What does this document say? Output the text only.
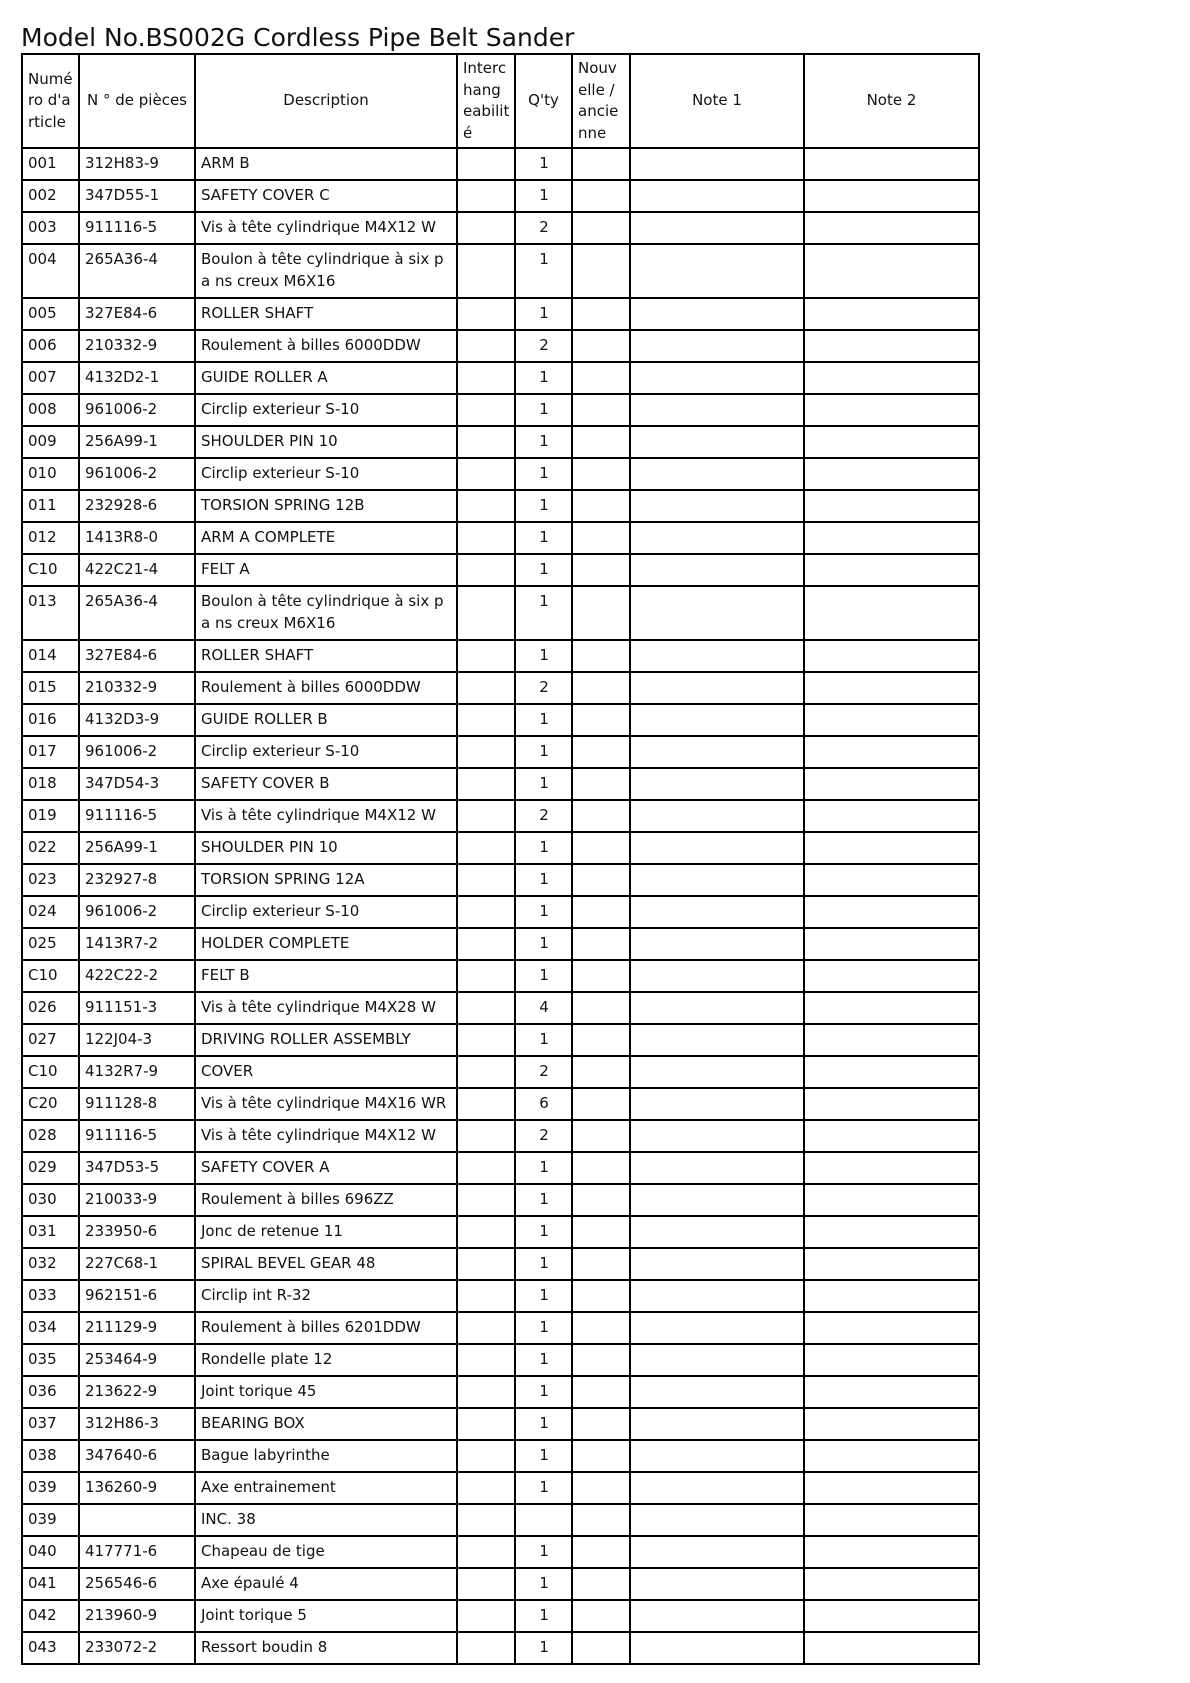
Model No.BS002G Cordless Pipe Belt Sander
Numé ro d'a rticle	N ° de pièces	Description	Interc hang eabilit é	Q'ty	Nouv elle / ancie nne	Note 1	Note 2
001	312H83-9	ARM B		1			
002	347D55-1	SAFETY COVER C		1			
003	911116-5	Vis à tête cylindrique M4X12 W		2			
004	265A36-4	Boulon à tête cylindrique à six pa ns creux M6X16		1			
005	327E84-6	ROLLER SHAFT		1			
006	210332-9	Roulement à billes 6000DDW		2			
007	4132D2-1	GUIDE ROLLER A		1			
008	961006-2	Circlip exterieur S-10		1			
009	256A99-1	SHOULDER PIN 10		1			
010	961006-2	Circlip exterieur S-10		1			
011	232928-6	TORSION SPRING 12B		1			
012	1413R8-0	ARM A COMPLETE		1			
C10	422C21-4	FELT A		1			
013	265A36-4	Boulon à tête cylindrique à six pa ns creux M6X16		1			
014	327E84-6	ROLLER SHAFT		1			
015	210332-9	Roulement à billes 6000DDW		2			
016	4132D3-9	GUIDE ROLLER B		1			
017	961006-2	Circlip exterieur S-10		1			
018	347D54-3	SAFETY COVER B		1			
019	911116-5	Vis à tête cylindrique M4X12 W		2			
022	256A99-1	SHOULDER PIN 10		1			
023	232927-8	TORSION SPRING 12A		1			
024	961006-2	Circlip exterieur S-10		1			
025	1413R7-2	HOLDER COMPLETE		1			
C10	422C22-2	FELT B		1			
026	911151-3	Vis à tête cylindrique M4X28 W		4			
027	122J04-3	DRIVING ROLLER ASSEMBLY		1			
C10	4132R7-9	COVER		2			
C20	911128-8	Vis à tête cylindrique M4X16 WR		6			
028	911116-5	Vis à tête cylindrique M4X12 W		2			
029	347D53-5	SAFETY COVER A		1			
030	210033-9	Roulement à billes 696ZZ		1			
031	233950-6	Jonc de retenue 11		1			
032	227C68-1	SPIRAL BEVEL GEAR 48		1			
033	962151-6	Circlip int R-32		1			
034	211129-9	Roulement à billes 6201DDW		1			
035	253464-9	Rondelle plate 12		1			
036	213622-9	Joint torique 45		1			
037	312H86-3	BEARING BOX		1			
038	347640-6	Bague labyrinthe		1			
039	136260-9	Axe entrainement		1			
039		INC. 38					
040	417771-6	Chapeau de tige		1			
041	256546-6	Axe épaulé 4		1			
042	213960-9	Joint torique 5		1			
043	233072-2	Ressort boudin 8		1			
